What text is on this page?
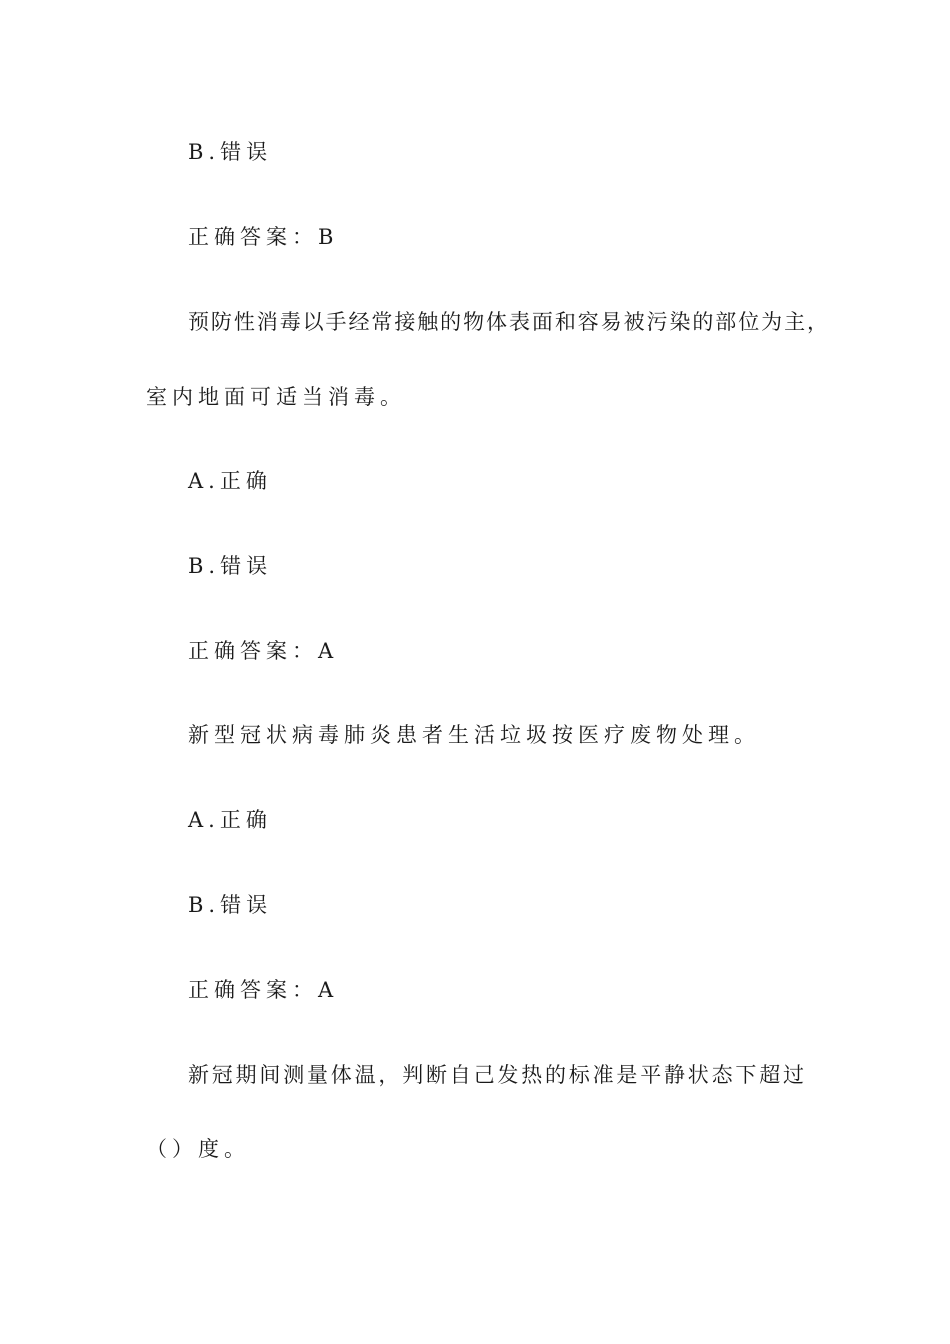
B.错误

正确答案：B

预防性消毒以手经常接触的物体表面和容易被污染的部位为主，

室内地面可适当消毒。

A.正确

B.错误

正确答案：A

新型冠状病毒肺炎患者生活垃圾按医疗废物处理。

A.正确

B.错误

正确答案：A

新冠期间测量体温，判断自己发热的标准是平静状态下超过

（）度。
